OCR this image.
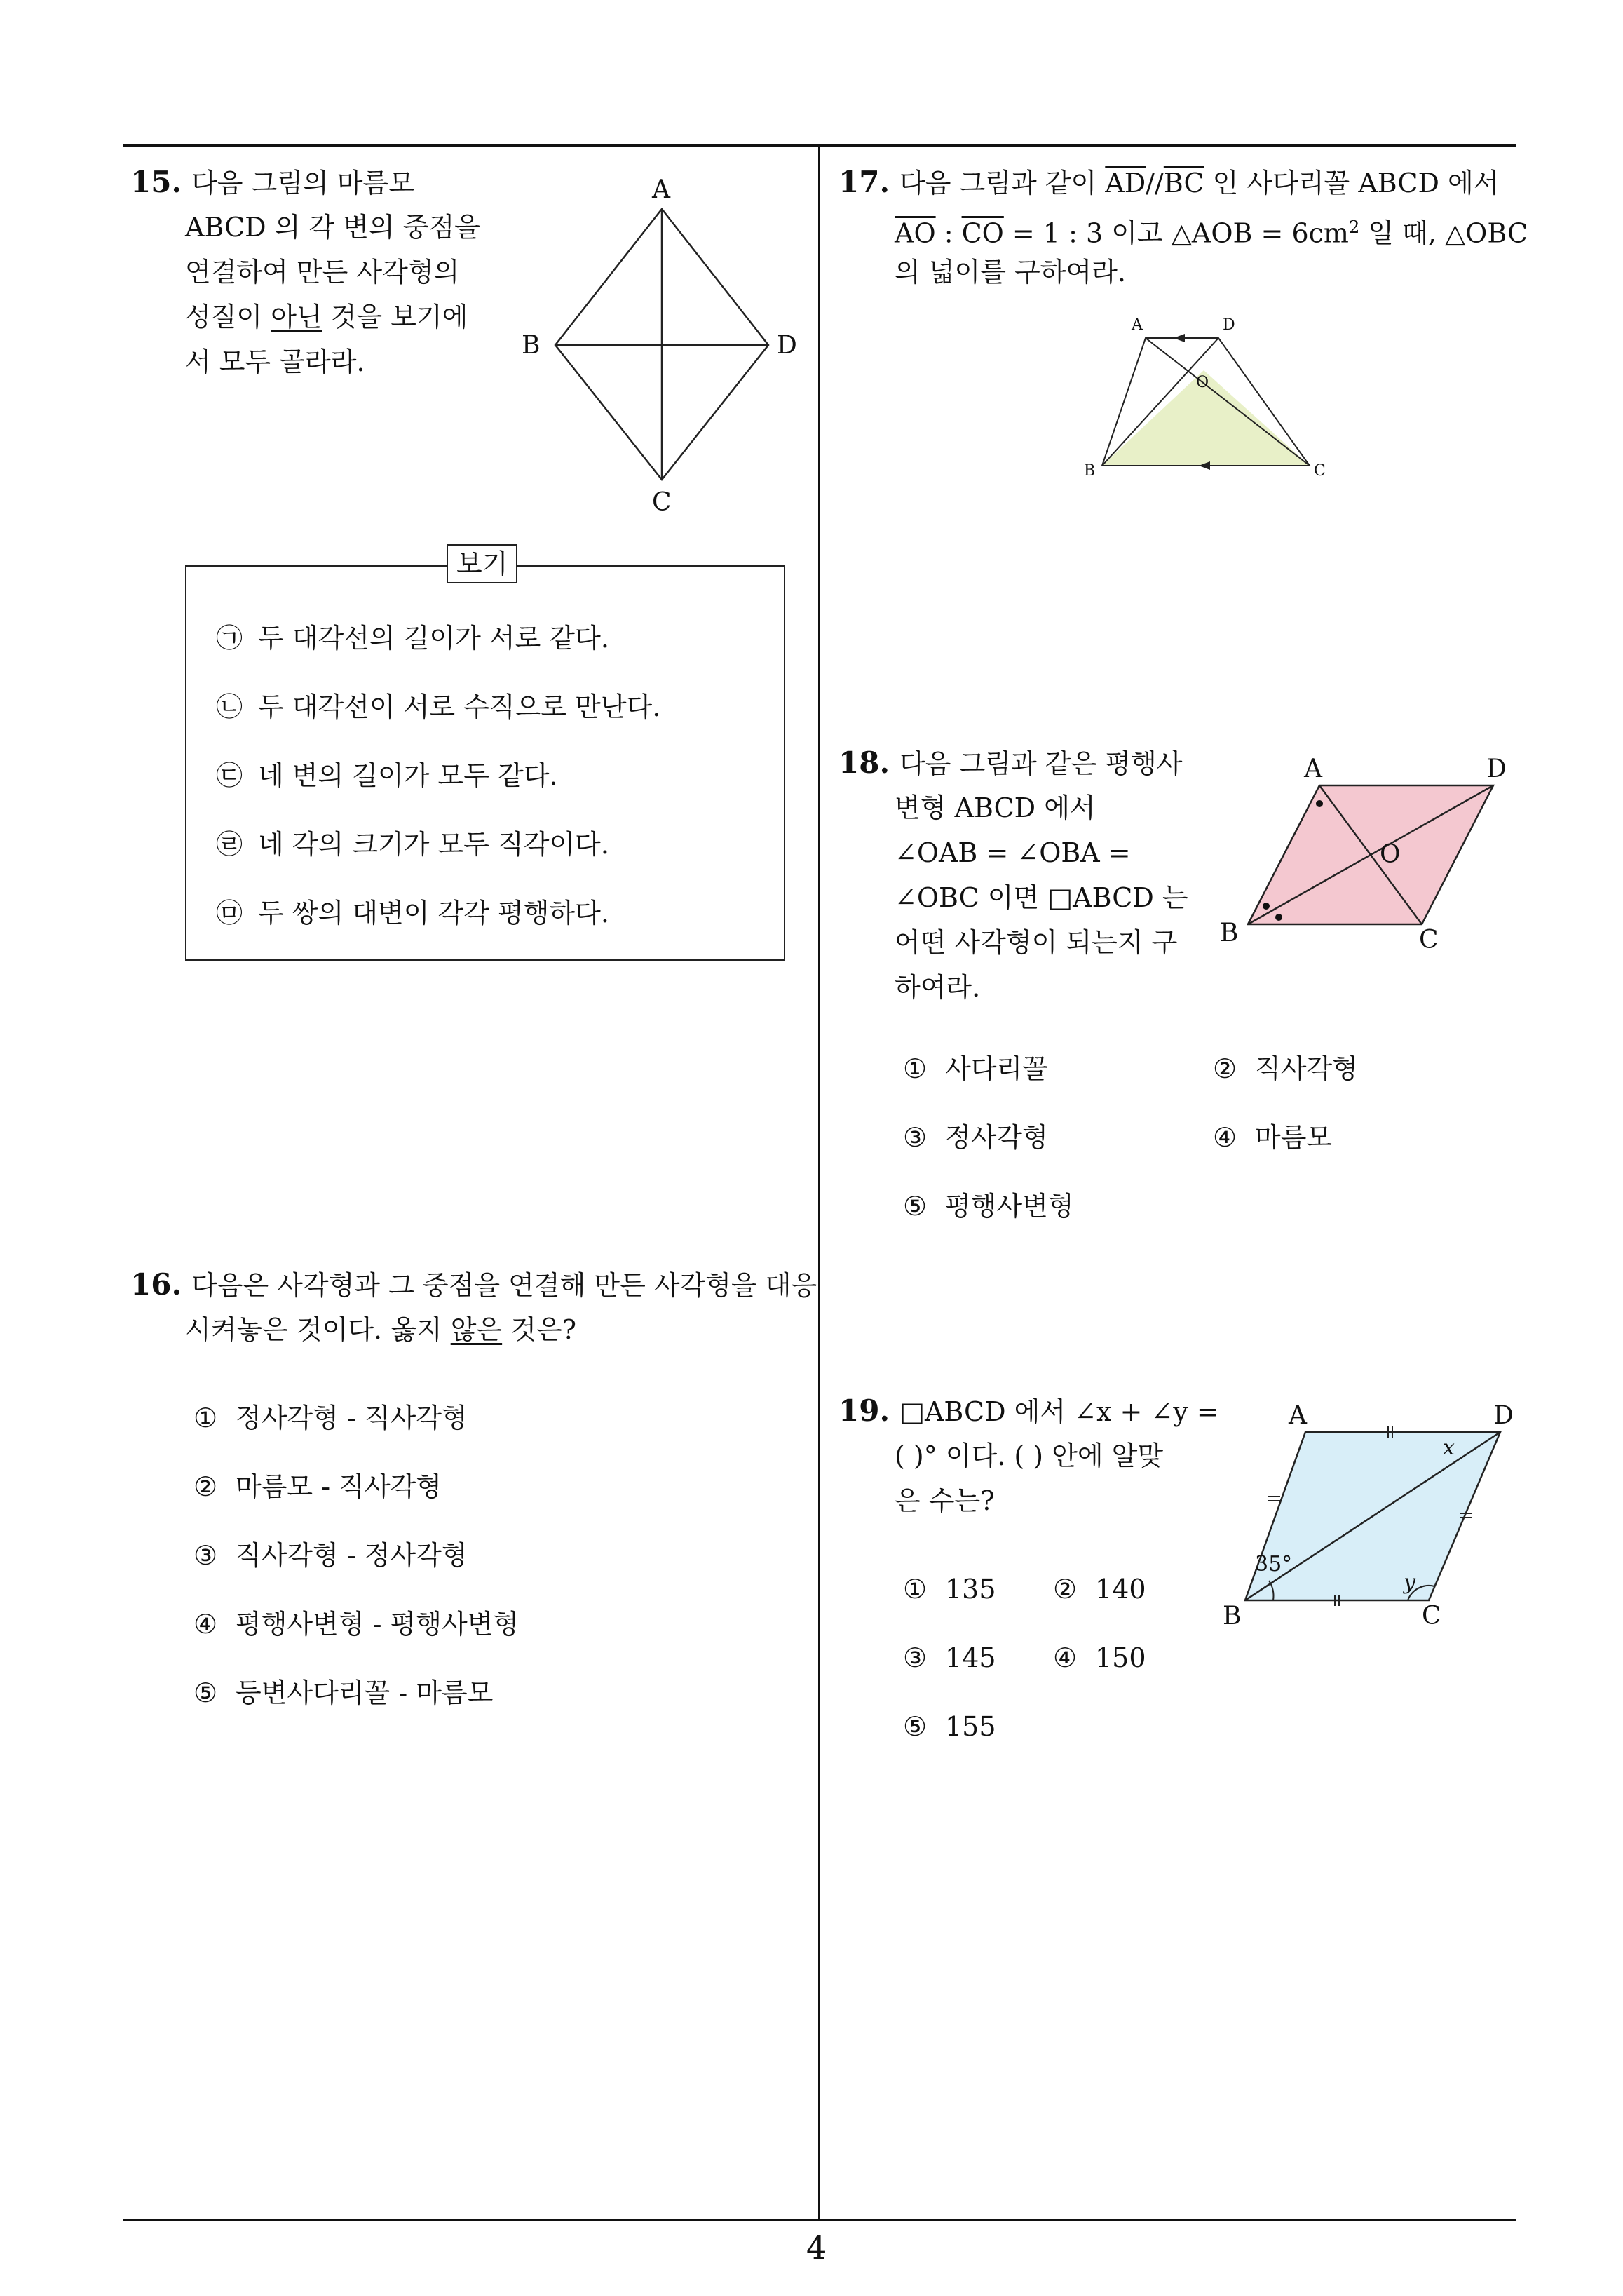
15. 다음 그림의 마름모
ABCD 의 각 변의 중점을
연결하여 만든 사각형의
성질이 아닌 것을 보기에
서 모두 골라라.
A
B
C
D
보기
㉠ 두 대각선의 길이가 서로 같다.
㉡ 두 대각선이 서로 수직으로 만난다.
㉢ 네 변의 길이가 모두 같다.
㉣ 네 각의 크기가 모두 직각이다.
㉤ 두 쌍의 대변이 각각 평행하다.
16. 다음은 사각형과 그 중점을 연결해 만든 사각형을 대응
시켜놓은 것이다. 옳지 않은 것은?
① 정사각형 - 직사각형
② 마름모 - 직사각형
③ 직사각형 - 정사각형
④ 평행사변형 - 평행사변형
⑤ 등변사다리꼴 - 마름모
17. 다음 그림과 같이 $\overline{AD}//\overline{BC}$ 인 사다리꼴 ABCD 에서
$\overline{AO}$ : $\overline{CO} = 1$ : 3 이고 △AOB = $6cm^2$ 일 때, △OBC
의 넓이를 구하여라.
A	D
O
B	C
18. 다음 그림과 같은 평행사
변형 ABCD 에서
∠OAB = ∠OBA =
∠OBC 이면 □ABCD 는
어떤 사각형이 되는지 구
하여라.
A	D
O
B	C
① 사다리꼴	② 직사각형
③ 정사각형	④ 마름모
⑤ 평행사변형
19. □ABCD 에서 ∠x + ∠y =
( )° 이다. ( ) 안에 알맞
은 수는?
A	D
B	C
x
y
35°
① 135 ② 140
③ 145 ④ 150
⑤ 155
4
